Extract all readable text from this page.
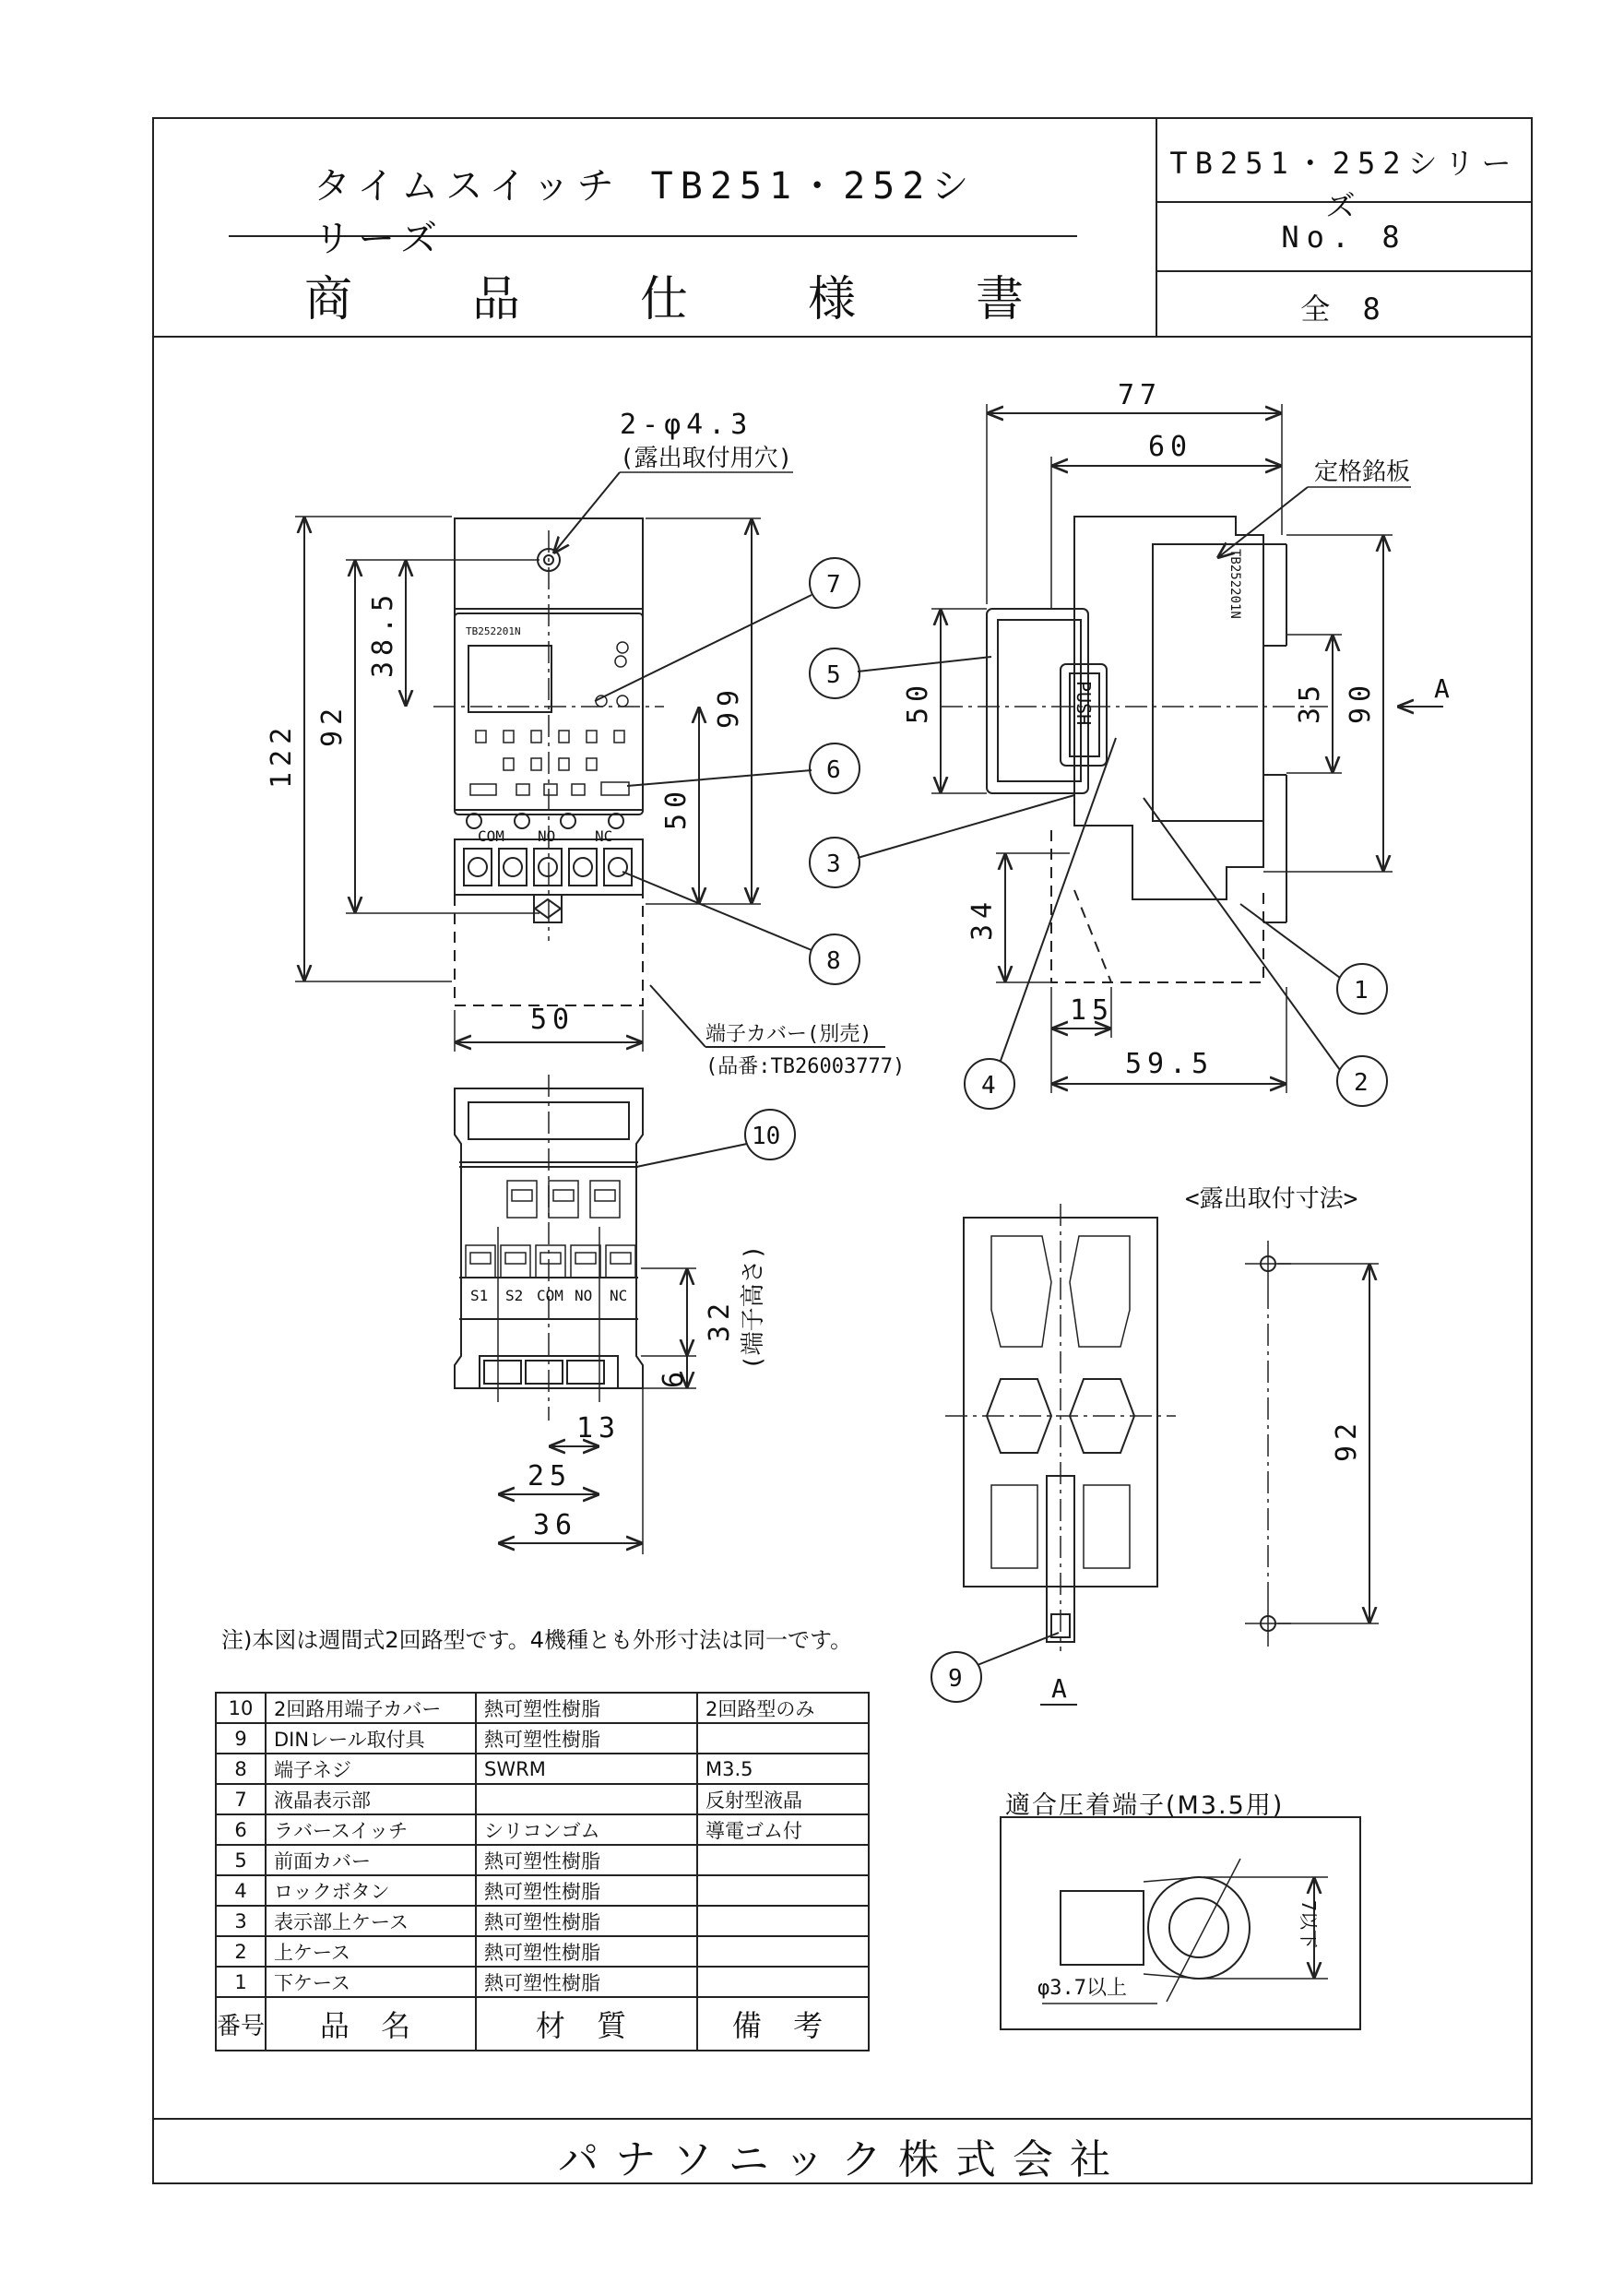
タイムスイッチ TB251・252シリーズ
商 品 仕 様 書
TB251・252シリーズ
No. 8
全 8
TB252201N
COM NO	NC
122 92
38.5
99
50
50
2-φ4.3
(露出取付用穴)
端子カバー(別売)
(品番:TB26003777)
PUSH
TB252201N
77
60
50	35 90
34
15
59.5
定格銘板
A
S1 S2 COM NO NC
32 (端子高さ)
6
13
25
36
<露出取付寸法>
92
A
1
2
3
4
5
6
7
8
9
10
7以下
φ3.7以上
注)本図は週間式2回路型です。4機種とも外形寸法は同一です。
10	2回路用端子カバー	熱可塑性樹脂	2回路型のみ
9	DINレール取付具	熱可塑性樹脂	
8	端子ネジ	SWRM	M3.5
7	液晶表示部		反射型液晶
6	ラバースイッチ	シリコンゴム	導電ゴム付
5	前面カバー	熱可塑性樹脂	
4	ロックボタン	熱可塑性樹脂	
3	表示部上ケース	熱可塑性樹脂	
2	上ケース	熱可塑性樹脂	
1	下ケース	熱可塑性樹脂	
番号	品 名	材 質	備 考
適合圧着端子(M3.5用)
パナソニック株式会社
